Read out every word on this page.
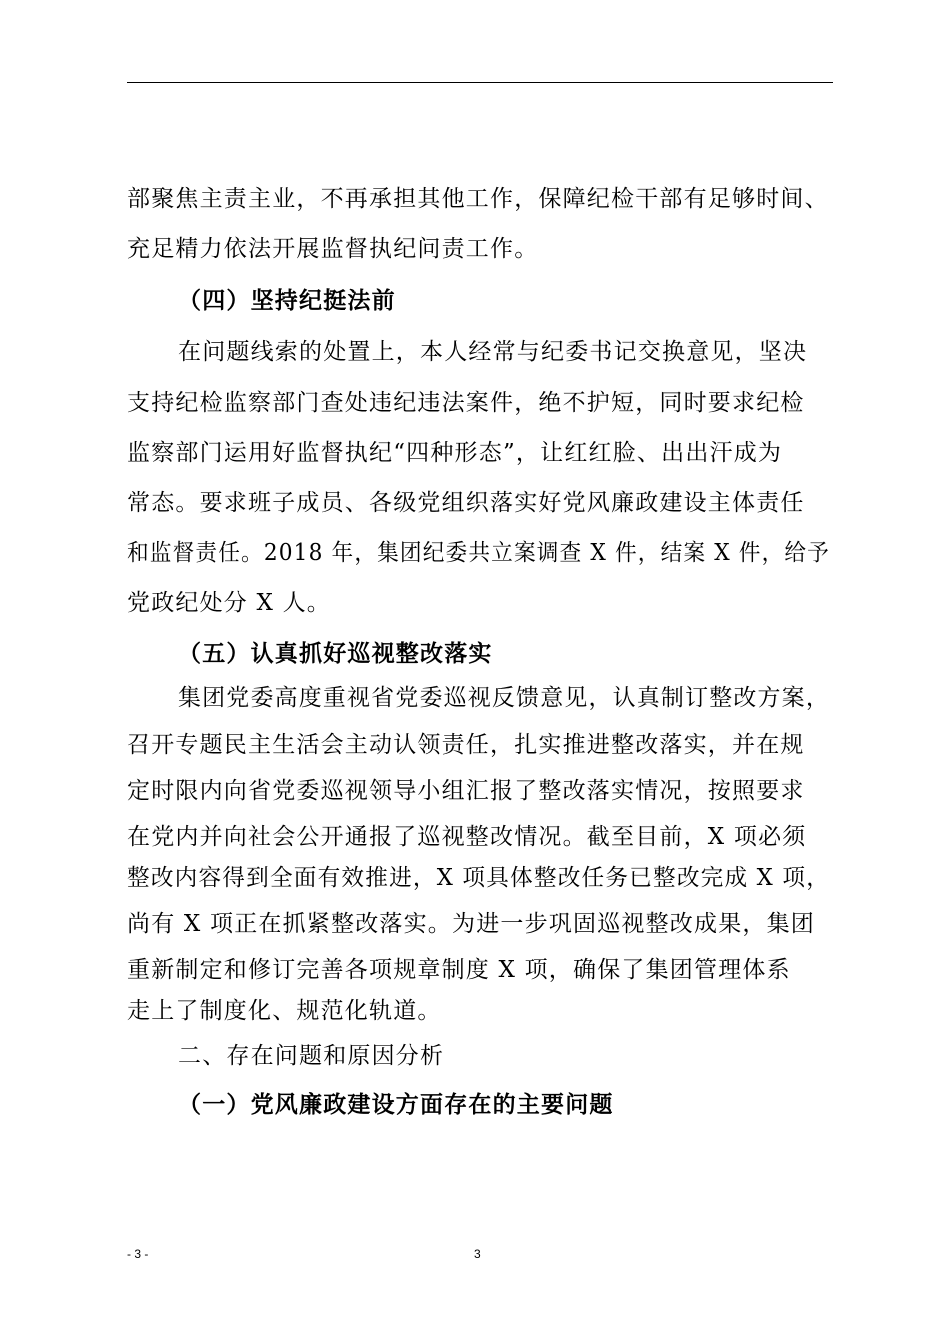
部聚焦主责主业，不再承担其他工作，保障纪检干部有足够时间、
充足精力依法开展监督执纪问责工作。
（四）坚持纪挺法前
在问题线索的处置上，本人经常与纪委书记交换意见，坚决
支持纪检监察部门查处违纪违法案件，绝不护短，同时要求纪检
监察部门运用好监督执纪“四种形态”，让红红脸、出出汗成为
常态。要求班子成员、各级党组织落实好党风廉政建设主体责任
和监督责任。2018 年，集团纪委共立案调查 X 件，结案 X 件，给予
党政纪处分 X 人。
（五）认真抓好巡视整改落实
集团党委高度重视省党委巡视反馈意见，认真制订整改方案，
召开专题民主生活会主动认领责任，扎实推进整改落实，并在规
定时限内向省党委巡视领导小组汇报了整改落实情况，按照要求
在党内并向社会公开通报了巡视整改情况。截至目前，X 项必须
整改内容得到全面有效推进，X 项具体整改任务已整改完成 X 项，
尚有 X 项正在抓紧整改落实。为进一步巩固巡视整改成果，集团
重新制定和修订完善各项规章制度 X 项，确保了集团管理体系
走上了制度化、规范化轨道。
二、存在问题和原因分析
（一）党风廉政建设方面存在的主要问题
- 3 -	3
